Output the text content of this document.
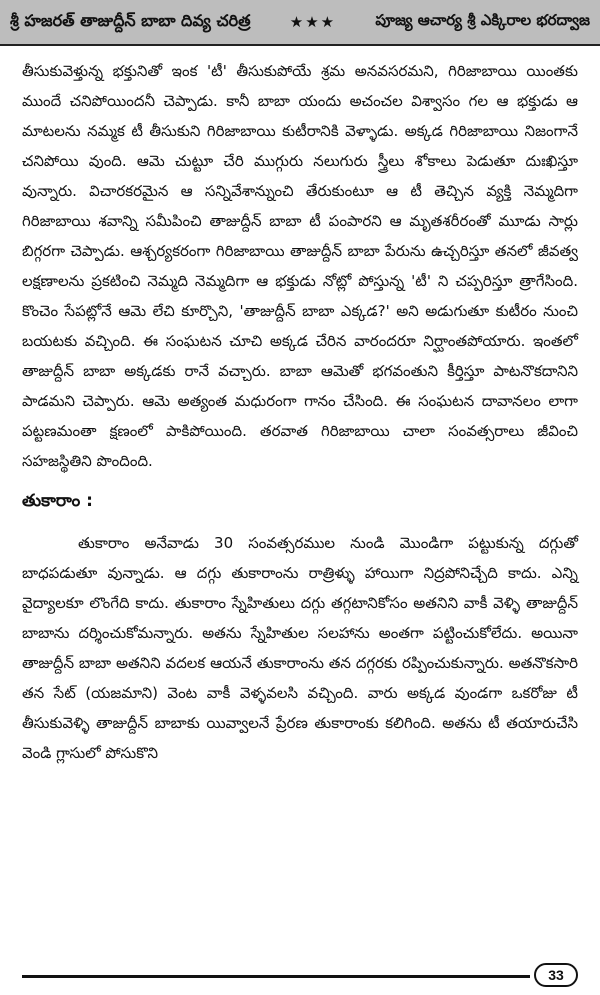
శ్రీ హజరత్ తాజుద్దీన్ బాబా దివ్య చరిత్ర	★★★	పూజ్య ఆచార్య శ్రీ ఎక్కిరాల భరద్వాజ

తీసుకువెళ్తున్న భక్తునితో ఇంక 'టీ' తీసుకుపోయే శ్రమ అనవసరమని, గిరిజాబాయి యింతకు ముందే చనిపోయిందనీ చెప్పాడు. కానీ బాబా యందు అచంచల విశ్వాసం గల ఆ భక్తుడు ఆ మాటలను నమ్మక టీ తీసుకుని గిరిజాబాయి కుటీరానికి వెళ్ళాడు. అక్కడ గిరిజాబాయి నిజంగానే చనిపోయి వుంది. ఆమె చుట్టూ చేరి ముగ్గురు నలుగురు స్త్రీలు శోకాలు పెడుతూ దుఃఖిస్తూ వున్నారు. విచారకరమైన ఆ సన్నివేశాన్నుంచి తేరుకుంటూ ఆ టీ తెచ్చిన వ్యక్తి నెమ్మదిగా గిరిజాబాయి శవాన్ని సమీపించి తాజుద్దీన్ బాబా టీ పంపారని ఆ మృతశరీరంతో మూడు సార్లు బిగ్గరగా చెప్పాడు. ఆశ్చర్యకరంగా గిరిజాబాయి తాజుద్దీన్ బాబా పేరును ఉచ్చరిస్తూ తనలో జీవత్వ లక్షణాలను ప్రకటించి నెమ్మది నెమ్మదిగా ఆ భక్తుడు నోట్లో పోస్తున్న 'టీ' ని చప్పరిస్తూ త్రాగేసింది. కొంచెం సేపట్లోనే ఆమె లేచి కూర్చొని, 'తాజుద్దీన్ బాబా ఎక్కడ?' అని అడుగుతూ కుటీరం నుంచి బయటకు వచ్చింది. ఈ సంఘటన చూచి అక్కడ చేరిన వారందరూ నిర్ఘాంతపోయారు. ఇంతలో తాజుద్దీన్ బాబా అక్కడకు రానే వచ్చారు. బాబా ఆమెతో భగవంతుని కీర్తిస్తూ పాటనొకదానిని పాడమని చెప్పారు. ఆమె అత్యంత మధురంగా గానం చేసింది. ఈ సంఘటన దావానలం లాగా పట్టణమంతా క్షణంలో పాకిపోయింది. తరవాత గిరిజాబాయి చాలా సంవత్సరాలు జీవించి సహజస్థితిని పొందింది.

తుకారాం :

తుకారాం అనేవాడు 30 సంవత్సరముల నుండి మొండిగా పట్టుకున్న దగ్గుతో బాధపడుతూ వున్నాడు. ఆ దగ్గు తుకారాంను రాత్రిళ్ళు హాయిగా నిద్రపోనిచ్చేది కాదు. ఎన్ని వైద్యాలకూ లొంగేది కాదు. తుకారాం స్నేహితులు దగ్గు తగ్గటానికోసం అతనిని వాకీ వెళ్ళి తాజుద్దీన్ బాబాను దర్శించుకోమన్నారు. అతను స్నేహితుల సలహాను అంతగా పట్టించుకోలేదు. అయినా తాజుద్దీన్ బాబా అతనిని వదలక ఆయనే తుకారాంను తన దగ్గరకు రప్పించుకున్నారు. అతనొకసారి తన సేట్ (యజమాని) వెంట వాకీ వెళ్ళవలసి వచ్చింది. వారు అక్కడ వుండగా ఒకరోజు టీ తీసుకువెళ్ళి తాజుద్దీన్ బాబాకు యివ్వాలనే ప్రేరణ తుకారాంకు కలిగింది. అతను టీ తయారుచేసి వెండి గ్లాసులో పోసుకొని

33
